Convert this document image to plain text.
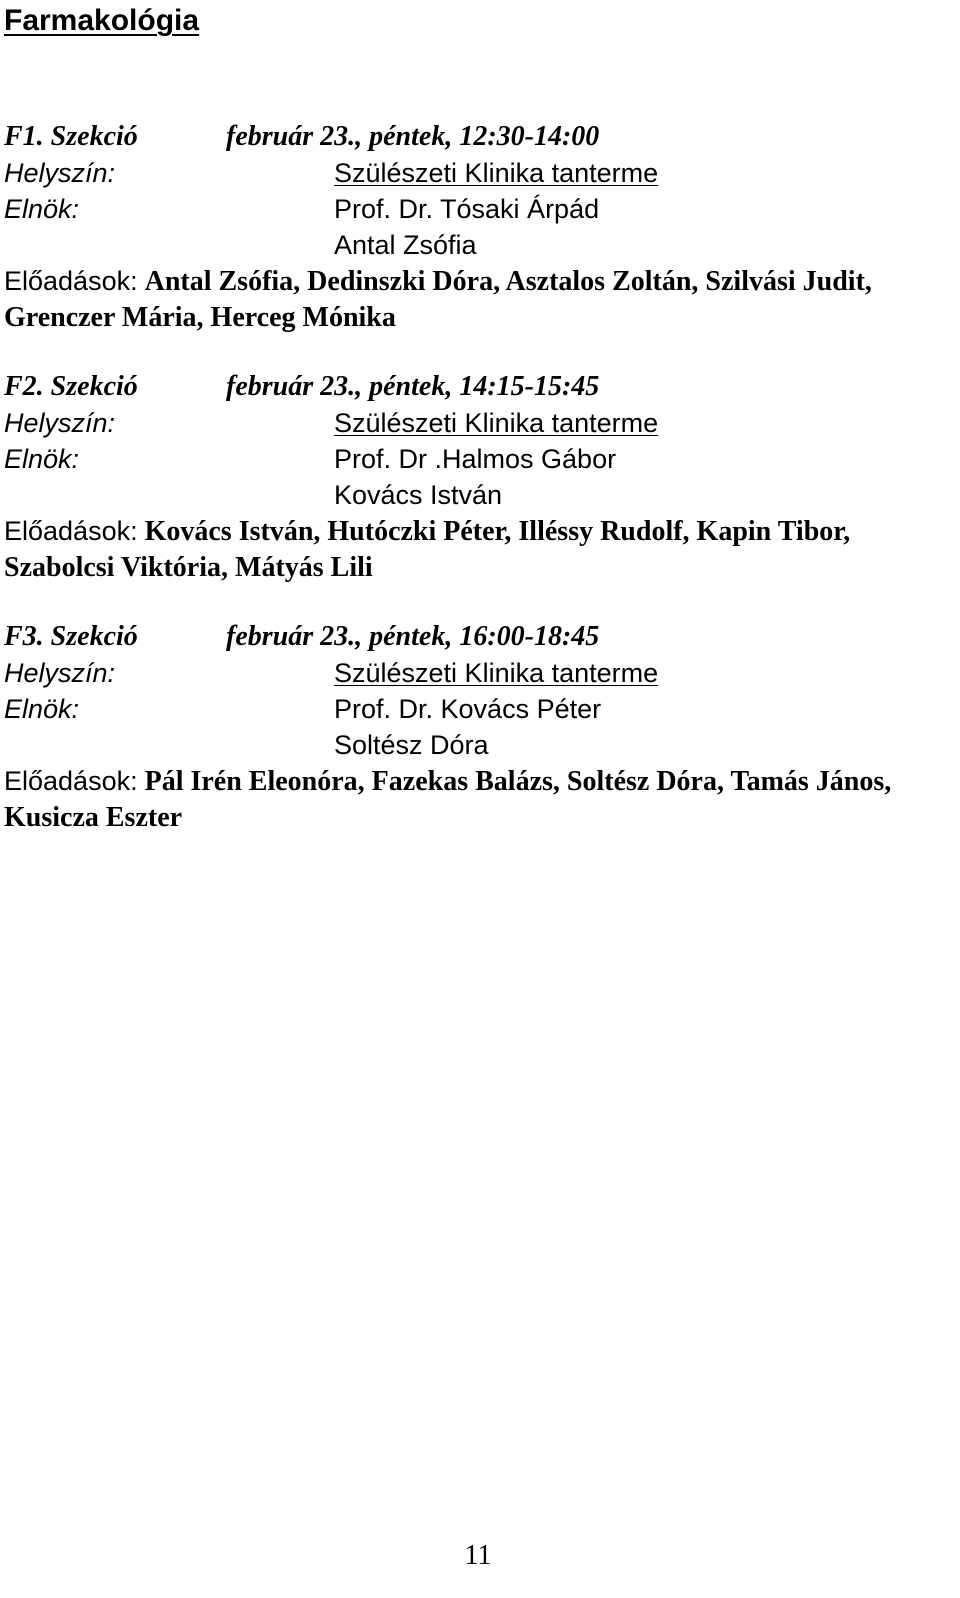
Farmakológia
F1. Szekció	február 23., péntek, 12:30-14:00
Helyszín:	Szülészeti Klinika tanterme
Elnök:	Prof. Dr. Tósaki Árpád
Antal Zsófia

Előadások: Antal Zsófia, Dedinszki Dóra, Asztalos Zoltán, Szilvási Judit, Grenczer Mária, Herceg Mónika

F2. Szekció	február 23., péntek, 14:15-15:45
Helyszín:	Szülészeti Klinika tanterme
Elnök:	Prof. Dr .Halmos Gábor
Kovács István

Előadások: Kovács István, Hutóczki Péter, Illéssy Rudolf, Kapin Tibor, Szabolcsi Viktória, Mátyás Lili

F3. Szekció	február 23., péntek, 16:00-18:45
Helyszín:	Szülészeti Klinika tanterme
Elnök:	Prof. Dr. Kovács Péter
Soltész Dóra

Előadások: Pál Irén Eleonóra, Fazekas Balázs, Soltész Dóra, Tamás János, Kusicza Eszter

11
